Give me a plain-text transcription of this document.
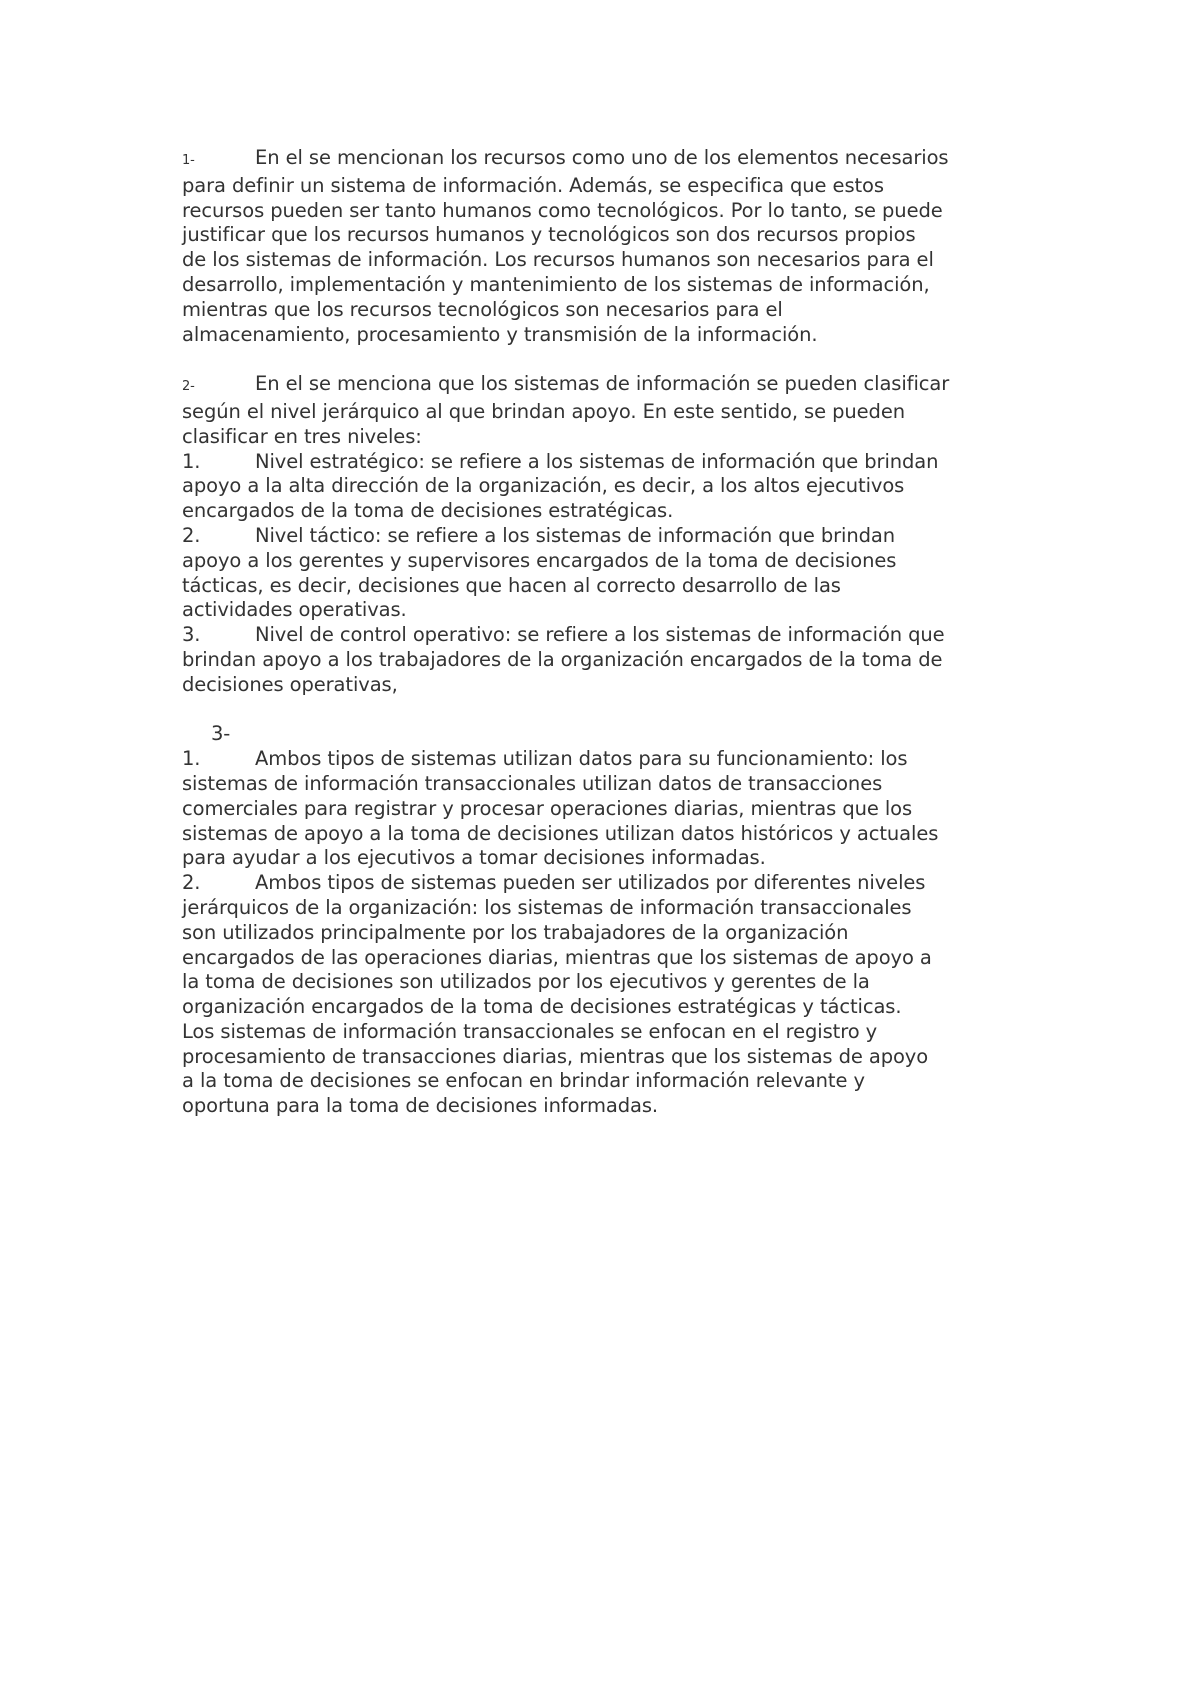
1-	En el se mencionan los recursos como uno de los elementos necesarios
para definir un sistema de información. Además, se especifica que estos
recursos pueden ser tanto humanos como tecnológicos. Por lo tanto, se puede
justificar que los recursos humanos y tecnológicos son dos recursos propios
de los sistemas de información. Los recursos humanos son necesarios para el
desarrollo, implementación y mantenimiento de los sistemas de información,
mientras que los recursos tecnológicos son necesarios para el
almacenamiento, procesamiento y transmisión de la información.
2-	En el se menciona que los sistemas de información se pueden clasificar
según el nivel jerárquico al que brindan apoyo. En este sentido, se pueden
clasificar en tres niveles:
1.	Nivel estratégico: se refiere a los sistemas de información que brindan
apoyo a la alta dirección de la organización, es decir, a los altos ejecutivos
encargados de la toma de decisiones estratégicas.
2.	Nivel táctico: se refiere a los sistemas de información que brindan
apoyo a los gerentes y supervisores encargados de la toma de decisiones
tácticas, es decir, decisiones que hacen al correcto desarrollo de las
actividades operativas.
3.	Nivel de control operativo: se refiere a los sistemas de información que
brindan apoyo a los trabajadores de la organización encargados de la toma de
decisiones operativas,
3-
1.	Ambos tipos de sistemas utilizan datos para su funcionamiento: los
sistemas de información transaccionales utilizan datos de transacciones
comerciales para registrar y procesar operaciones diarias, mientras que los
sistemas de apoyo a la toma de decisiones utilizan datos históricos y actuales
para ayudar a los ejecutivos a tomar decisiones informadas.
2.	Ambos tipos de sistemas pueden ser utilizados por diferentes niveles
jerárquicos de la organización: los sistemas de información transaccionales
son utilizados principalmente por los trabajadores de la organización
encargados de las operaciones diarias, mientras que los sistemas de apoyo a
la toma de decisiones son utilizados por los ejecutivos y gerentes de la
organización encargados de la toma de decisiones estratégicas y tácticas.
Los sistemas de información transaccionales se enfocan en el registro y
procesamiento de transacciones diarias, mientras que los sistemas de apoyo
a la toma de decisiones se enfocan en brindar información relevante y
oportuna para la toma de decisiones informadas.
